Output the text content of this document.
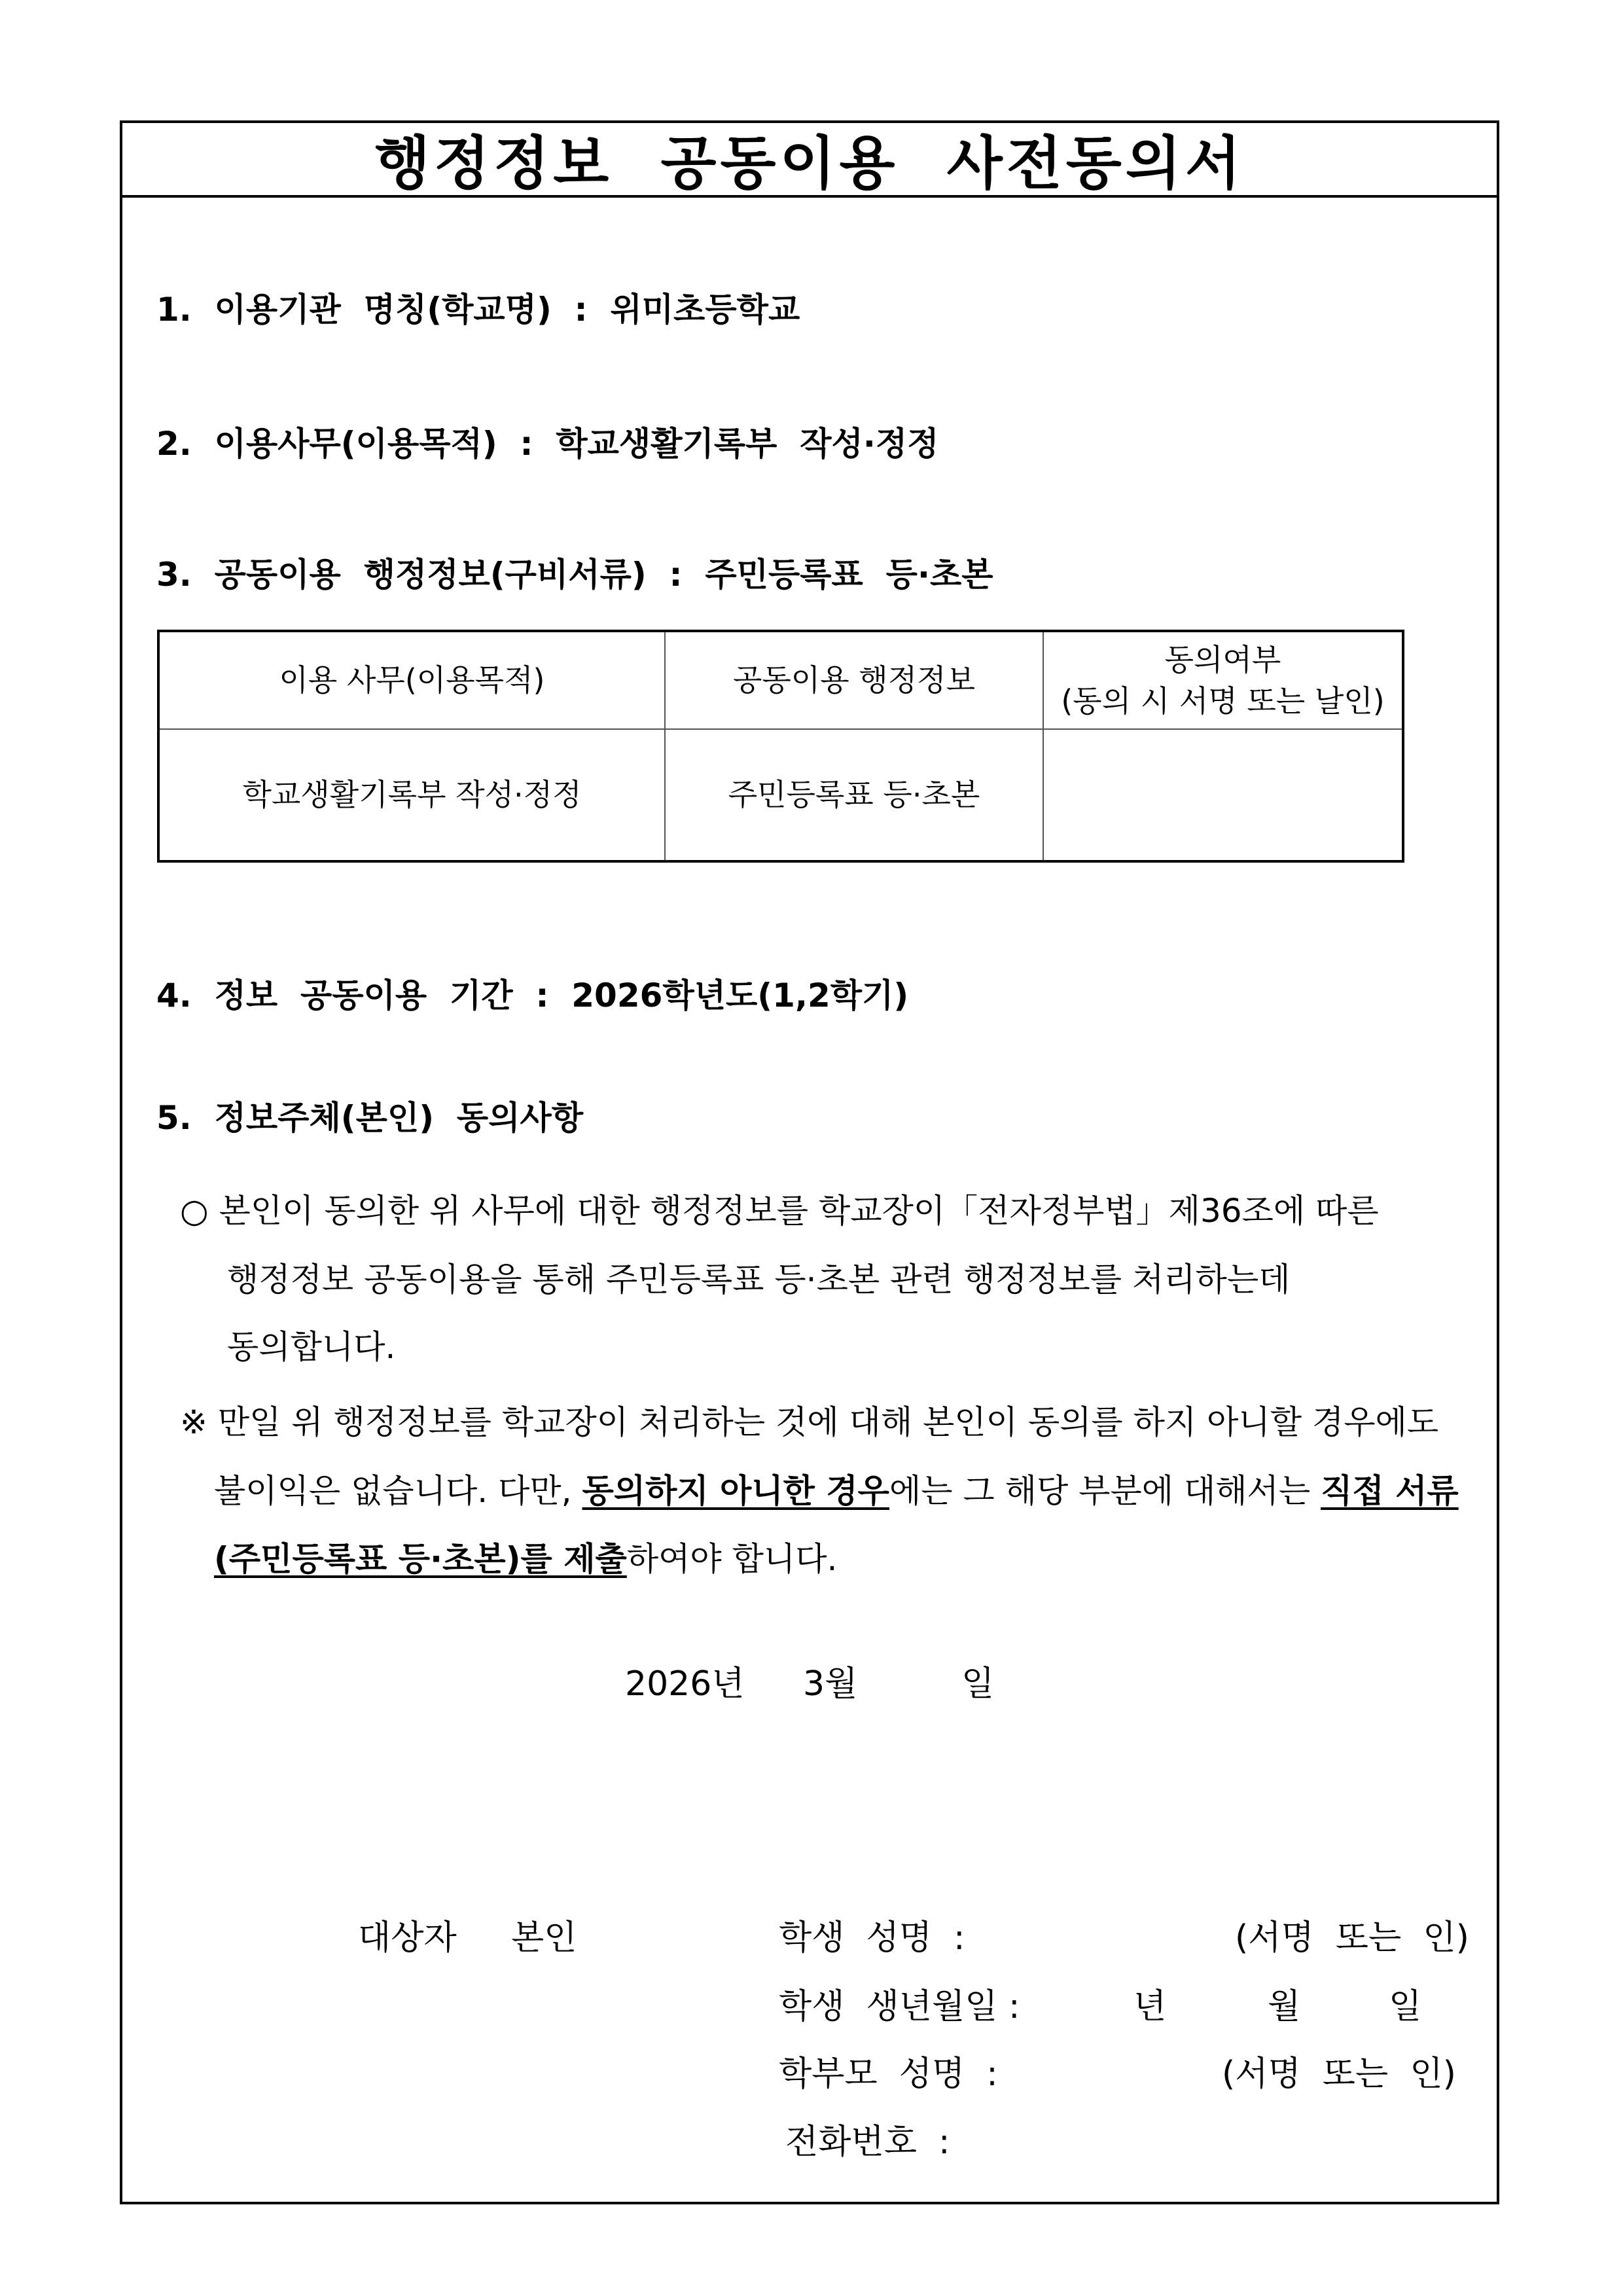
행정정보  공동이용  사전동의서
1.  이용기관  명칭(학교명)  :  위미초등학교
2.  이용사무(이용목적)  :  학교생활기록부  작성·정정
3.  공동이용  행정정보(구비서류)  :  주민등록표  등·초본
이용 사무(이용목적)	공동이용 행정정보	동의여부
(동의 시 서명 또는 날인)

학교생활기록부 작성·정정	주민등록표 등·초본	
4.  정보  공동이용  기간  :  2026학년도(1,2학기)
5.  정보주체(본인)  동의사항
○ 본인이 동의한 위 사무에 대한 행정정보를 학교장이「전자정부법」제36조에 따른
행정정보 공동이용을 통해 주민등록표 등·초본 관련 행정정보를 처리하는데
동의합니다.
※ 만일 위 행정정보를 학교장이 처리하는 것에 대해 본인이 동의를 하지 아니할 경우에도
불이익은 없습니다. 다만, 동의하지 아니한 경우에는 그 해당 부분에 대해서는 직접 서류
(주민등록표 등·초본)를 제출하여야 합니다.
2026년 3월	일
대상자 본인	학생  성명  :	(서명  또는  인)
학생  생년월일 :	년	월	일
학부모  성명  :	(서명  또는  인)
전화번호  :
